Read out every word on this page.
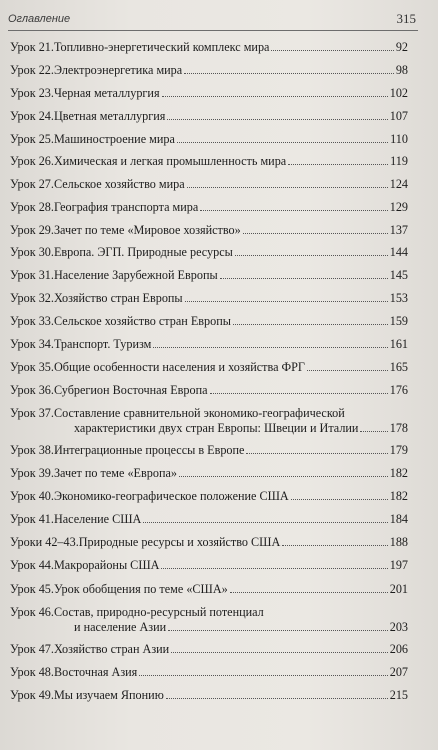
Оглавление	315
Урок 21. Топливно-энергетический комплекс мира	92
Урок 22. Электроэнергетика мира	98
Урок 23. Черная металлургия	102
Урок 24. Цветная металлургия	107
Урок 25. Машиностроение мира	110
Урок 26. Химическая и легкая промышленность мира	119
Урок 27. Сельское хозяйство мира	124
Урок 28. География транспорта мира	129
Урок 29. Зачет по теме «Мировое хозяйство»	137
Урок 30. Европа. ЭГП. Природные ресурсы	144
Урок 31. Население Зарубежной Европы	145
Урок 32. Хозяйство стран Европы	153
Урок 33. Сельское хозяйство стран Европы	159
Урок 34. Транспорт. Туризм	161
Урок 35. Общие особенности населения и хозяйства ФРГ	165
Урок 36. Субрегион Восточная Европа	176
Урок 37. Составление сравнительной экономико-географической
характеристики двух стран Европы: Швеции и Италии	178
Урок 38. Интеграционные процессы в Европе	179
Урок 39. Зачет по теме «Европа»	182
Урок 40. Экономико-географическое положение США	182
Урок 41. Население США	184
Уроки 42–43. Природные ресурсы и хозяйство США	188
Урок 44. Макрорайоны США	197
Урок 45. Урок обобщения по теме «США»	201
Урок 46. Состав, природно-ресурсный потенциал
и население Азии	203
Урок 47. Хозяйство стран Азии	206
Урок 48. Восточная Азия	207
Урок 49. Мы изучаем Японию	215
